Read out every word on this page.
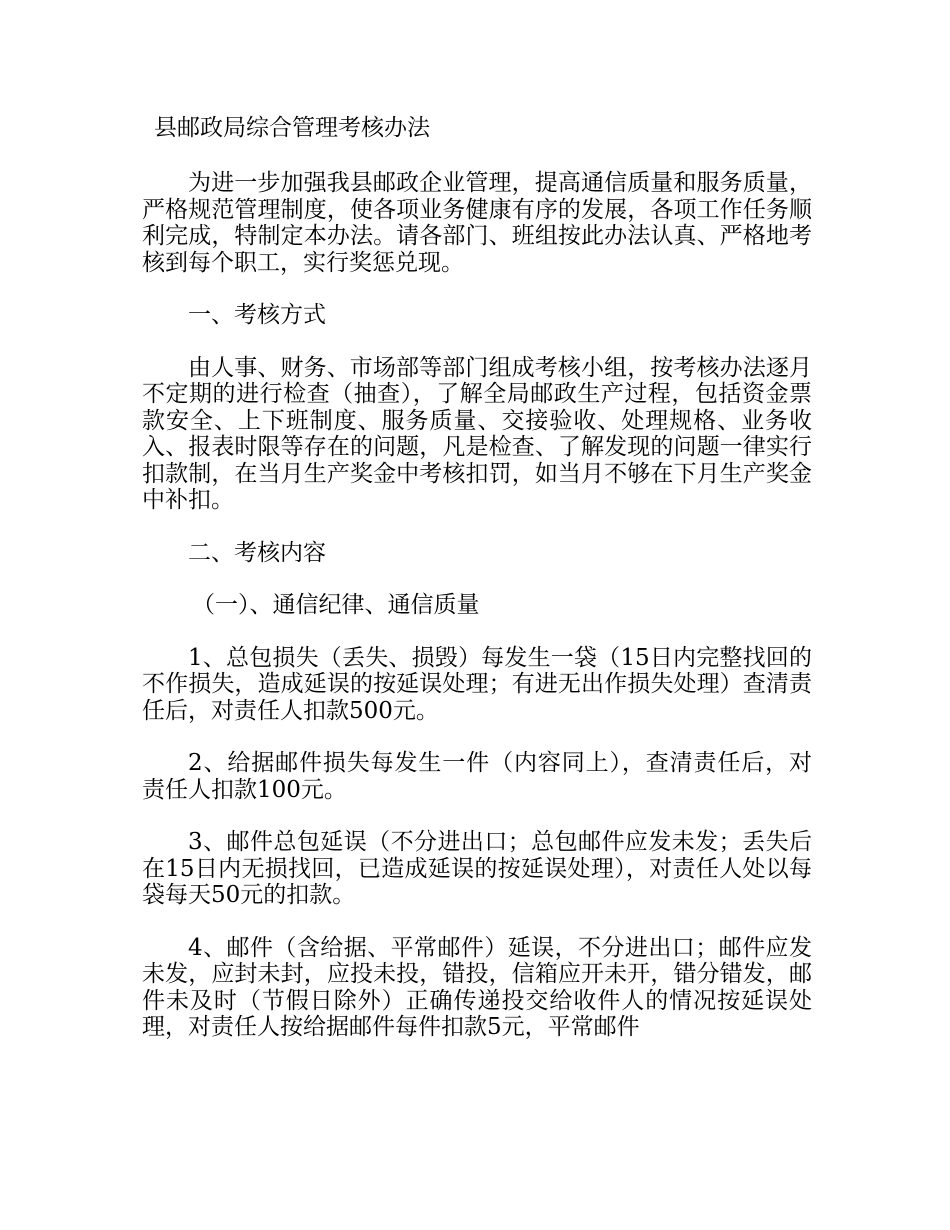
县邮政局综合管理考核办法

为进一步加强我县邮政企业管理，提高通信质量和服务质量，严格规范管理制度，使各项业务健康有序的发展，各项工作任务顺利完成，特制定本办法。请各部门、班组按此办法认真、严格地考核到每个职工，实行奖惩兑现。

一、考核方式

由人事、财务、市场部等部门组成考核小组，按考核办法逐月不定期的进行检查（抽查），了解全局邮政生产过程，包括资金票款安全、上下班制度、服务质量、交接验收、处理规格、业务收入、报表时限等存在的问题，凡是检查、了解发现的问题一律实行扣款制，在当月生产奖金中考核扣罚，如当月不够在下月生产奖金中补扣。

二、考核内容

（一）、通信纪律、通信质量

1、总包损失（丢失、损毁）每发生一袋（15日内完整找回的不作损失，造成延误的按延误处理；有进无出作损失处理）查清责任后，对责任人扣款500元。

2、给据邮件损失每发生一件（内容同上），查清责任后，对责任人扣款100元。

3、邮件总包延误（不分进出口；总包邮件应发未发；丢失后在15日内无损找回，已造成延误的按延误处理），对责任人处以每袋每天50元的扣款。

4、邮件（含给据、平常邮件）延误，不分进出口；邮件应发未发，应封未封，应投未投，错投，信箱应开未开，错分错发，邮件未及时（节假日除外）正确传递投交给收件人的情况按延误处理，对责任人按给据邮件每件扣款5元，平常邮件
